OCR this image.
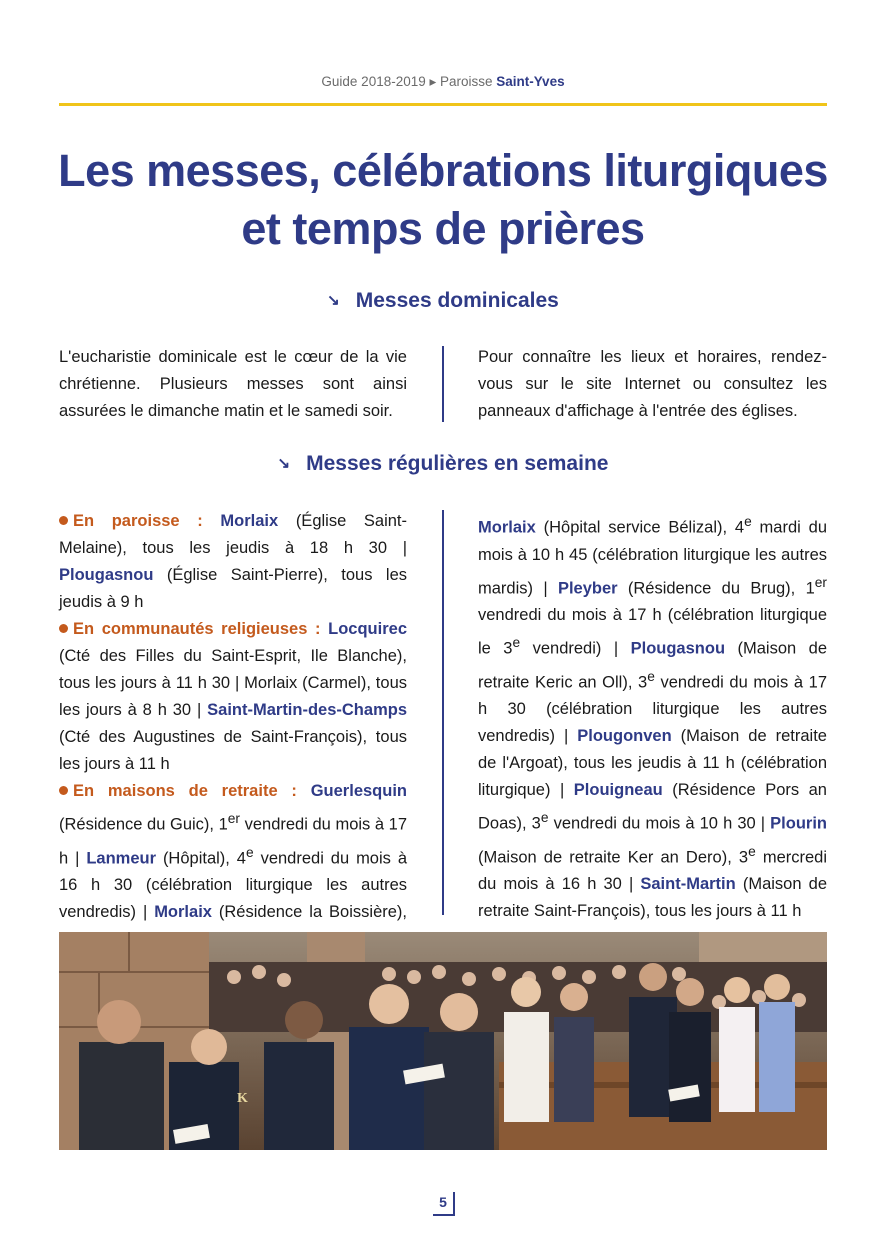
Guide 2018-2019 ▸ Paroisse Saint-Yves
Les messes, célébrations liturgiques
et temps de prières
↘ Messes dominicales
L'eucharistie dominicale est le cœur de la vie chrétienne. Plusieurs messes sont ainsi assurées le dimanche matin et le samedi soir.
Pour connaître les lieux et horaires, rendez-vous sur le site Internet ou consultez les panneaux d'affichage à l'entrée des églises.
↘ Messes régulières en semaine
En paroisse : Morlaix (Église Saint-Melaine), tous les jeudis à 18 h 30 | Plougasnou (Église Saint-Pierre), tous les jeudis à 9 h
En communautés religieuses : Locquirec (Cté des Filles du Saint-Esprit, Ile Blanche), tous les jours à 11 h 30 | Morlaix (Carmel), tous les jours à 8 h 30 | Saint-Martin-des-Champs (Cté des Augustines de Saint-François), tous les jours à 11 h
En maisons de retraite : Guerlesquin (Résidence du Guic), 1er vendredi du mois à 17 h | Lanmeur (Hôpital), 4e vendredi du mois à 16 h 30 (célébration liturgique les autres vendredis) | Morlaix (Résidence la Boissière),
Morlaix (Hôpital service Bélizal), 4e mardi du mois à 10 h 45 (célébration liturgique les autres mardis) | Pleyber (Résidence du Brug), 1er vendredi du mois à 17 h (célébration liturgique le 3e vendredi) | Plougasnou (Maison de retraite Keric an Oll), 3e vendredi du mois à 17 h 30 (célébration liturgique les autres vendredis) | Plougonven (Maison de retraite de l'Argoat), tous les jeudis à 11 h (célébration liturgique) | Plouigneau (Résidence Pors an Doas), 3e vendredi du mois à 10 h 30 | Plourin (Maison de retraite Ker an Dero), 3e mercredi du mois à 16 h 30 | Saint-Martin (Maison de retraite Saint-François), tous les jours à 11 h
K
5
